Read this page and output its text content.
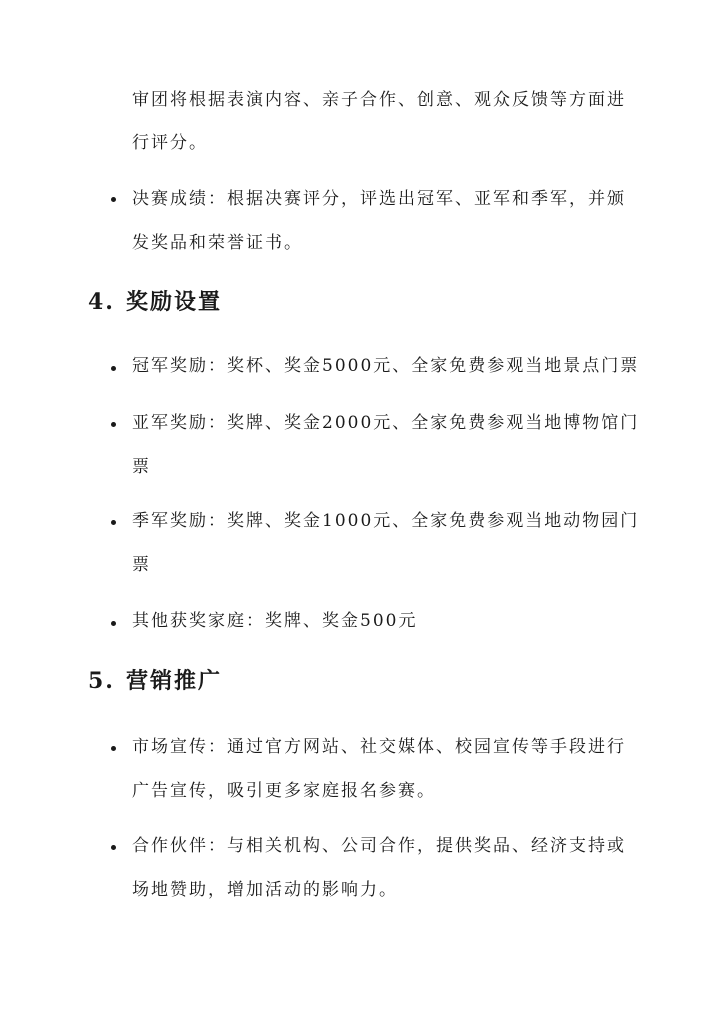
审团将根据表演内容、亲子合作、创意、观众反馈等方面进
行评分。
决赛成绩：根据决赛评分，评选出冠军、亚军和季军，并颁
发奖品和荣誉证书。
4. 奖励设置
冠军奖励：奖杯、奖金5000元、全家免费参观当地景点门票
亚军奖励：奖牌、奖金2000元、全家免费参观当地博物馆门
票
季军奖励：奖牌、奖金1000元、全家免费参观当地动物园门
票
其他获奖家庭：奖牌、奖金500元
5. 营销推广
市场宣传：通过官方网站、社交媒体、校园宣传等手段进行
广告宣传，吸引更多家庭报名参赛。
合作伙伴：与相关机构、公司合作，提供奖品、经济支持或
场地赞助，增加活动的影响力。
